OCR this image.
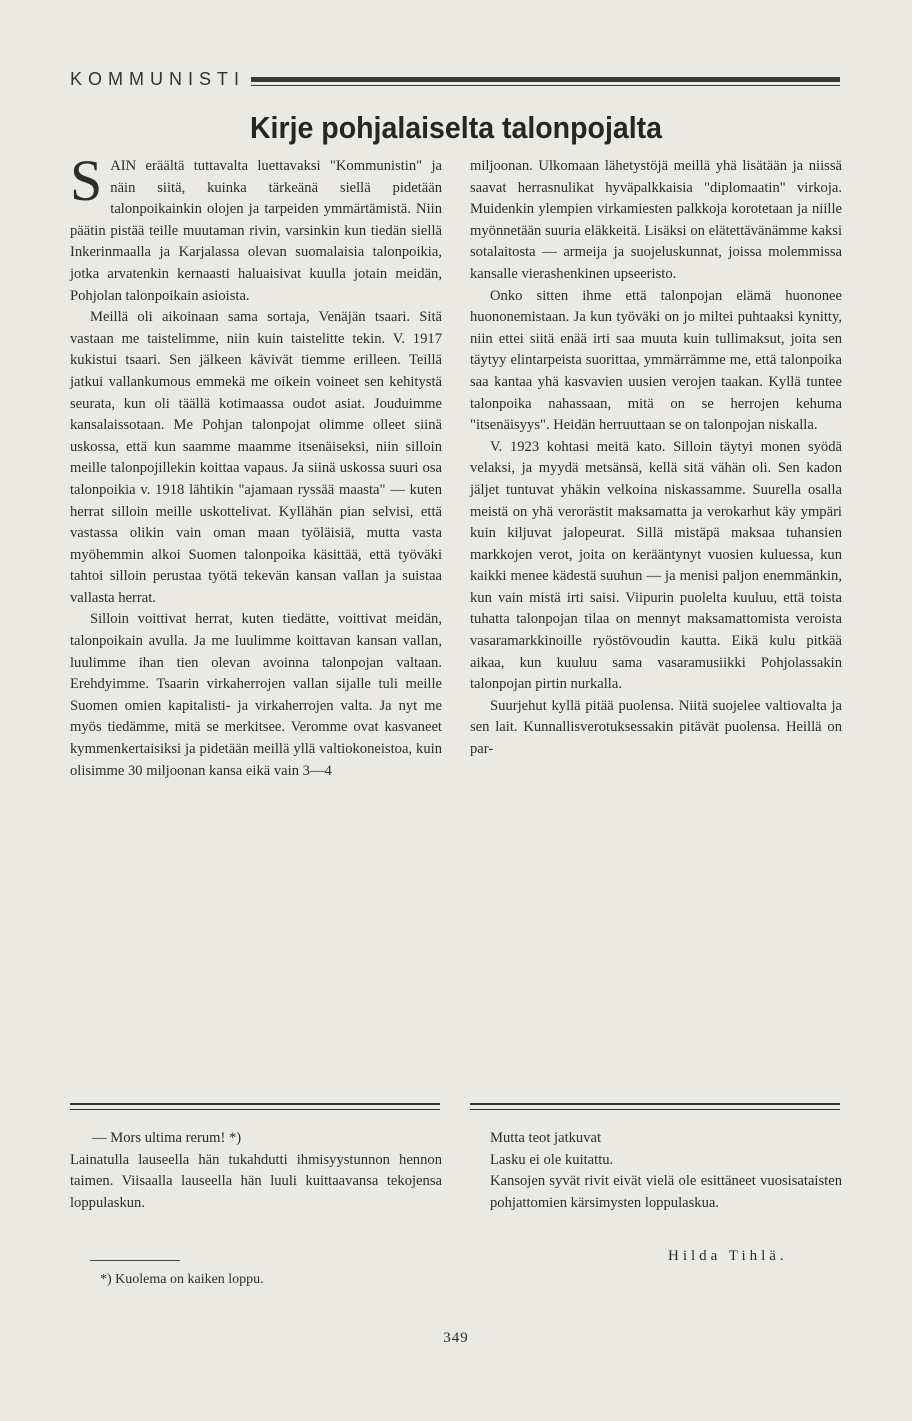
KOMMUNISTI
Kirje pohjalaiselta talonpojalta

SAIN eräältä tuttavalta luettavaksi "Kommunistin" ja näin siitä, kuinka tärkeänä siellä pidetään talonpoikainkin olojen ja tarpeiden ymmärtämistä. Niin päätin pistää teille muutaman rivin, varsinkin kun tiedän siellä Inkerinmaalla ja Karjalassa olevan suomalaisia talonpoikia, jotka arvatenkin kernaasti haluaisivat kuulla jotain meidän, Pohjolan talonpoikain asioista.

Meillä oli aikoinaan sama sortaja, Venäjän tsaari. Sitä vastaan me taistelimme, niin kuin taistelitte tekin. V. 1917 kukistui tsaari. Sen jälkeen kävivät tiemme erilleen. Teillä jatkui vallankumous emmekä me oikein voineet sen kehitystä seurata, kun oli täällä kotimaassa oudot asiat. Jouduimme kansalaissotaan. Me Pohjan talonpojat olimme olleet siinä uskossa, että kun saamme maamme itsenäiseksi, niin silloin meille talonpojillekin koittaa vapaus. Ja siinä uskossa suuri osa talonpoikia v. 1918 lähtikin "ajamaan ryssää maasta" — kuten herrat silloin meille uskottelivat. Kyllähän pian selvisi, että vastassa olikin vain oman maan työläisiä, mutta vasta myöhemmin alkoi Suomen talonpoika käsittää, että työväki tahtoi silloin perustaa työtä tekevän kansan vallan ja suistaa vallasta herrat.

Silloin voittivat herrat, kuten tiedätte, voittivat meidän, talonpoikain avulla. Ja me luulimme koittavan kansan vallan, luulimme ihan tien olevan avoinna talonpojan valtaan. Erehdyimme. Tsaarin virkaherrojen vallan sijalle tuli meille Suomen omien kapitalisti- ja virkaherrojen valta. Ja nyt me myös tiedämme, mitä se merkitsee. Veromme ovat kasvaneet kymmenkertaisiksi ja pidetään meillä yllä valtiokoneistoa, kuin olisimme 30 miljoonan kansa eikä vain 3—4

miljoonan. Ulkomaan lähetystöjä meillä yhä lisätään ja niissä saavat herrasnulikat hyväpalkkaisia "diplomaatin" virkoja. Muidenkin ylempien virkamiesten palkkoja korotetaan ja niille myönnetään suuria eläkkeitä. Lisäksi on elätettävänämme kaksi sotalaitosta — armeija ja suojeluskunnat, joissa molemmissa kansalle vierashenkinen upseeristo.

Onko sitten ihme että talonpojan elämä huononee huononemistaan. Ja kun työväki on jo miltei puhtaaksi kynitty, niin ettei siitä enää irti saa muuta kuin tullimaksut, joita sen täytyy elintarpeista suorittaa, ymmärrämme me, että talonpoika saa kantaa yhä kasvavien uusien verojen taakan. Kyllä tuntee talonpoika nahassaan, mitä on se herrojen kehuma "itsenäisyys". Heidän herruuttaan se on talonpojan niskalla.

V. 1923 kohtasi meitä kato. Silloin täytyi monen syödä velaksi, ja myydä metsänsä, kellä sitä vähän oli. Sen kadon jäljet tuntuvat yhäkin velkoina niskassamme. Suurella osalla meistä on yhä verorästit maksamatta ja verokarhut käy ympäri kuin kiljuvat jalopeurat. Sillä mistäpä maksaa tuhansien markkojen verot, joita on kerääntynyt vuosien kuluessa, kun kaikki menee kädestä suuhun — ja menisi paljon enemmänkin, kun vain mistä irti saisi. Viipurin puolelta kuuluu, että toista tuhatta talonpojan tilaa on mennyt maksamattomista veroista vasaramarkkinoille ryöstövoudin kautta. Eikä kulu pitkää aikaa, kun kuuluu sama vasaramusiikki Pohjolassakin talonpojan pirtin nurkalla.

Suurjehut kyllä pitää puolensa. Niitä suojelee valtiovalta ja sen lait. Kunnallisverotuksessakin pitävät puolensa. Heillä on par-

— Mors ultima rerum! *)

Lainatulla lauseella hän tukahdutti ihmisyystunnon hennon taimen. Viisaalla lauseella hän luuli kuittaavansa tekojensa loppulaskun.

Mutta teot jatkuvat
Lasku ei ole kuitattu.

Kansojen syvät rivit eivät vielä ole esittäneet vuosisataisten pohjattomien kärsimysten loppulaskua.

Hilda Tihlä.
*) Kuolema on kaiken loppu.
349
